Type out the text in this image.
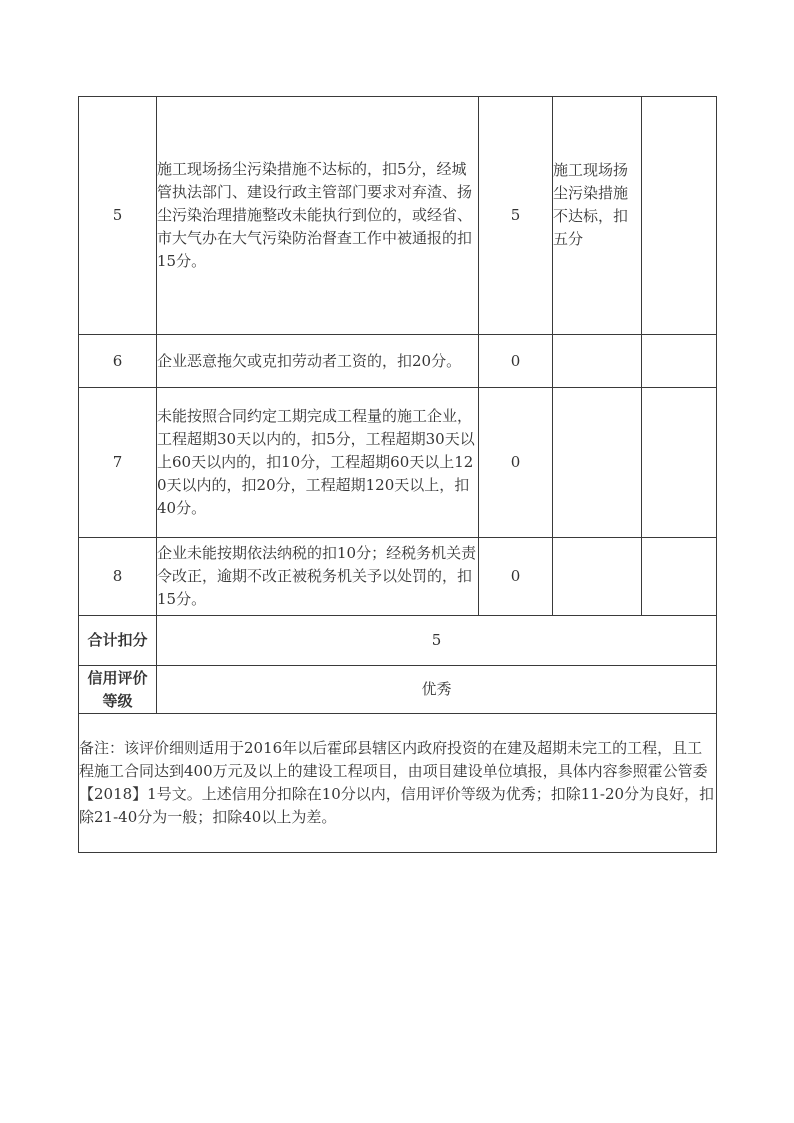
5	施工现场扬尘污染措施不达标的，扣5分，经城管执法部门、建设行政主管部门要求对弃渣、扬尘污染治理措施整改未能执行到位的，或经省、市大气办在大气污染防治督查工作中被通报的扣15分。	5	施工现场扬尘污染措施不达标，扣五分	
6	企业恶意拖欠或克扣劳动者工资的，扣20分。	0		
7	未能按照合同约定工期完成工程量的施工企业，工程超期30天以内的，扣5分，工程超期30天以上60天以内的，扣10分，工程超期60天以上120天以内的，扣20分，工程超期120天以上，扣40分。	0		
8	企业未能按期依法纳税的扣10分；经税务机关责令改正，逾期不改正被税务机关予以处罚的，扣15分。	0		
合计扣分	5			
信用评价等级	优秀			
备注：该评价细则适用于2016年以后霍邱县辖区内政府投资的在建及超期未完工的工程，且工程施工合同达到400万元及以上的建设工程项目，由项目建设单位填报，具体内容参照霍公管委【2018】1号文。上述信用分扣除在10分以内，信用评价等级为优秀；扣除11-20分为良好，扣除21-40分为一般；扣除40以上为差。				
